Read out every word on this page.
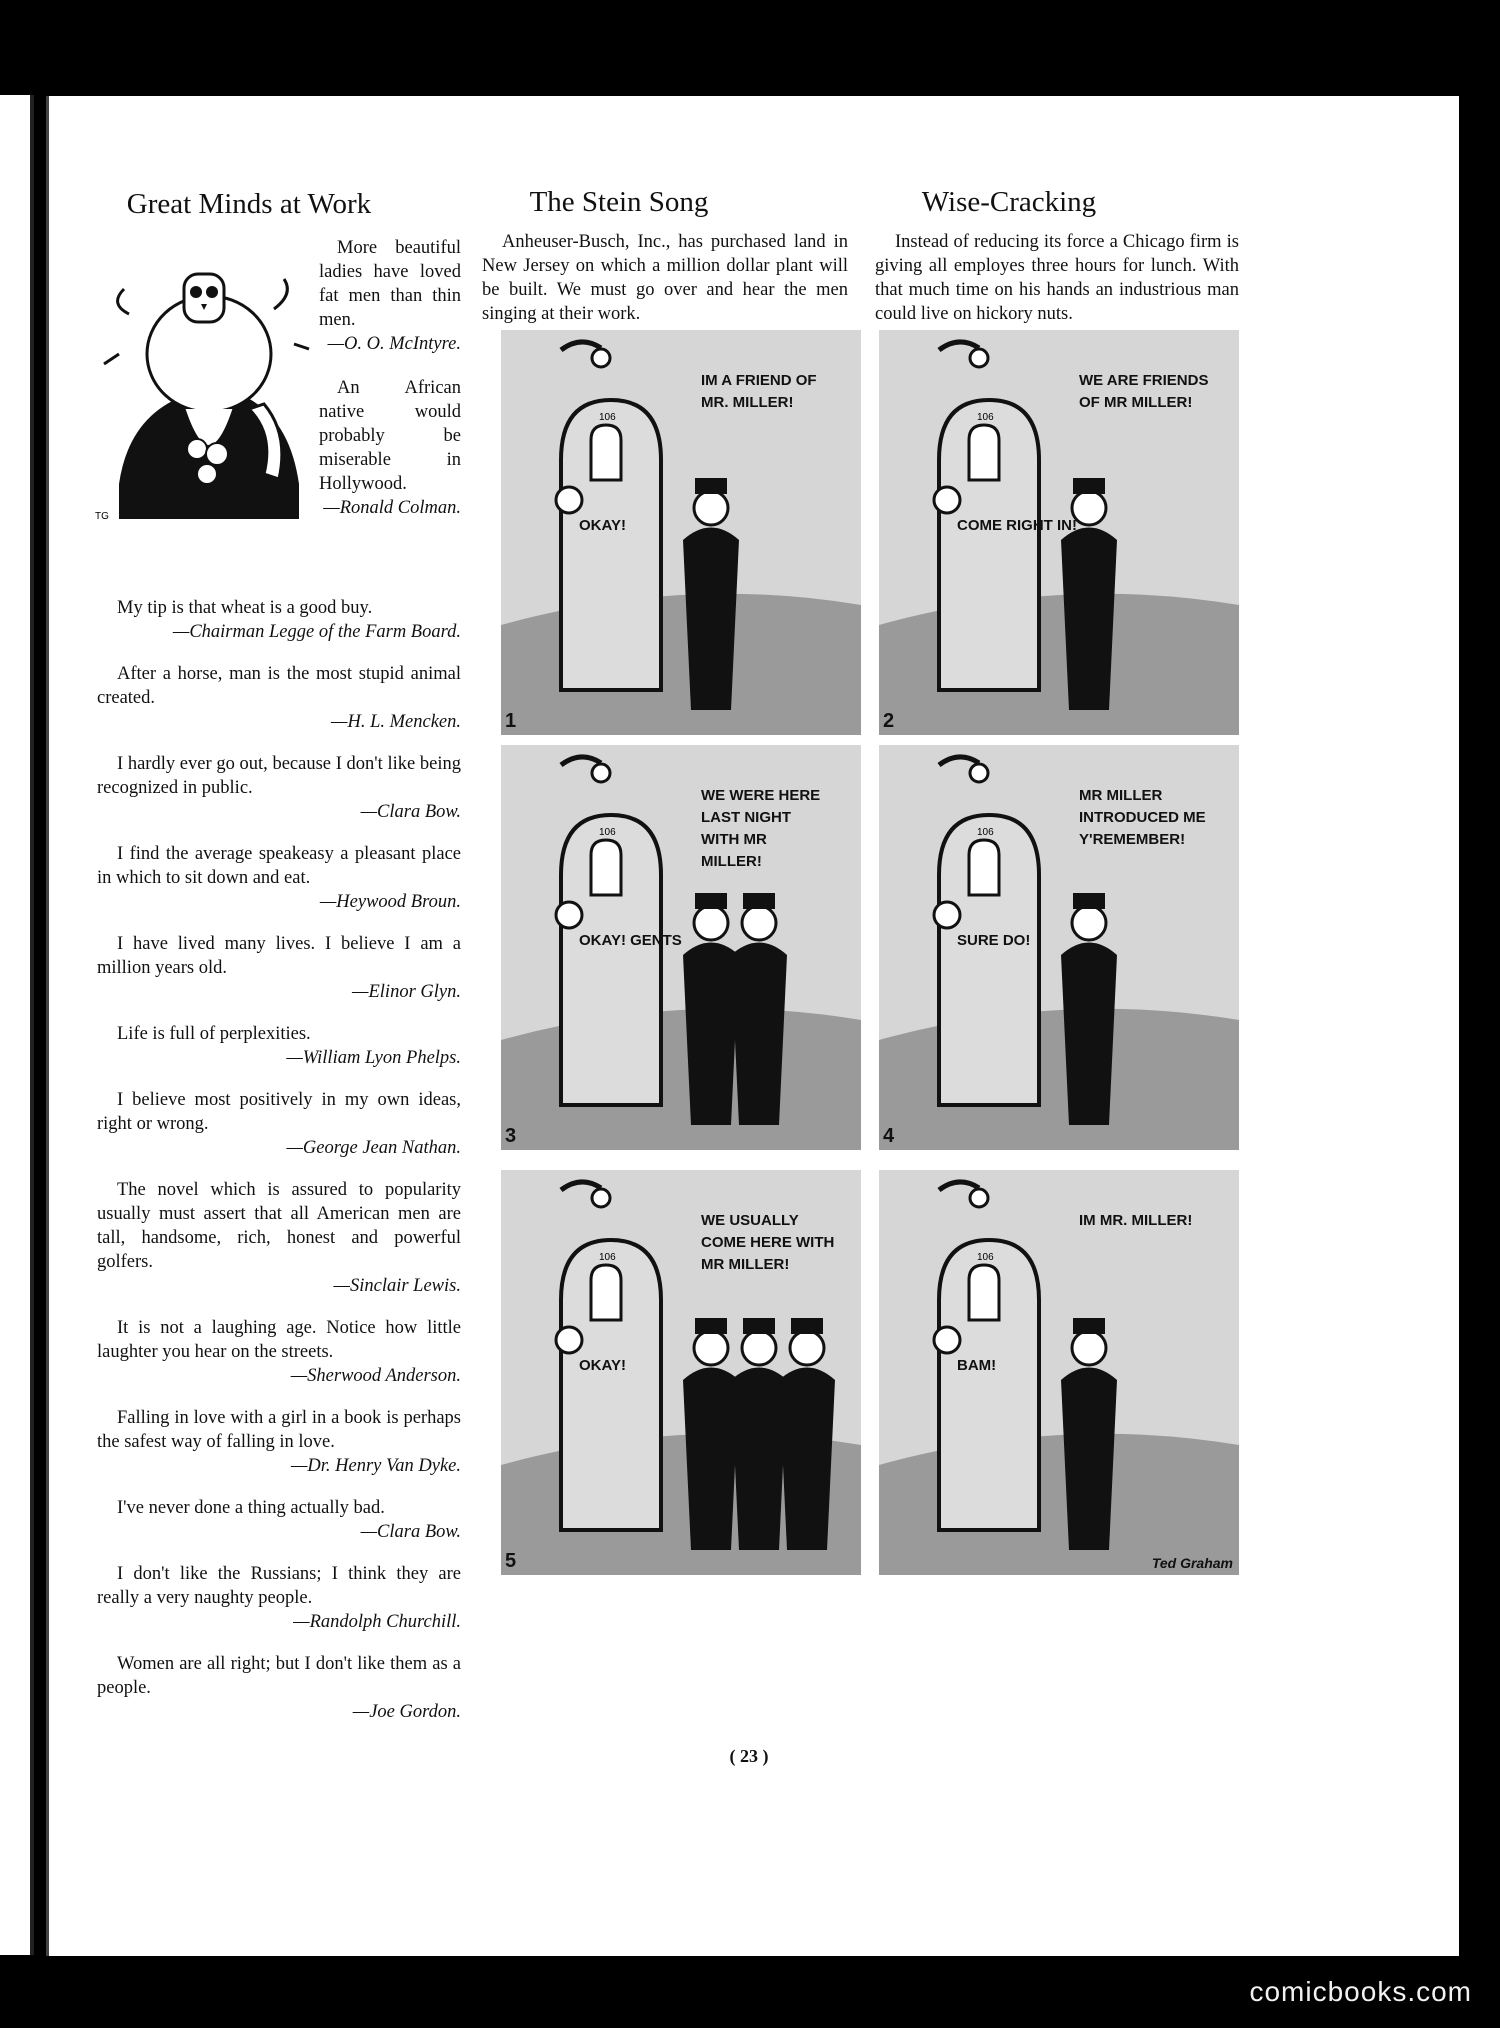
Great Minds at Work	The Stein Song	Wise-Cracking
TG
More beautiful ladies have loved fat men than thin men.
—O. O. McIntyre.
An African native would probably be miserable in Hollywood.
—Ronald Colman.
My tip is that wheat is a good buy.
—Chairman Legge of the Farm Board.
After a horse, man is the most stupid animal created.
—H. L. Mencken.
I hardly ever go out, because I don't like being recognized in public.
—Clara Bow.
I find the average speakeasy a pleasant place in which to sit down and eat.
—Heywood Broun.
I have lived many lives. I believe I am a million years old.
—Elinor Glyn.
Life is full of perplexities.
—William Lyon Phelps.
I believe most positively in my own ideas, right or wrong.
—George Jean Nathan.
The novel which is assured to popularity usually must assert that all American men are tall, handsome, rich, honest and powerful golfers.
—Sinclair Lewis.
It is not a laughing age. Notice how little laughter you hear on the streets.
—Sherwood Anderson.
Falling in love with a girl in a book is perhaps the safest way of falling in love.
—Dr. Henry Van Dyke.
I've never done a thing actually bad.
—Clara Bow.
I don't like the Russians; I think they are really a very naughty people.
—Randolph Churchill.
Women are all right; but I don't like them as a people.
—Joe Gordon.
Anheuser-Busch, Inc., has purchased land in New Jersey on which a million dollar plant will be built. We must go over and hear the men singing at their work.
Instead of reducing its force a Chicago firm is giving all employes three hours for lunch. With that much time on his hands an industrious man could live on hickory nuts.
106
IM A FRIEND OF
MR. MILLER!
OKAY!
1
106
WE ARE FRIENDS
OF MR MILLER!
COME RIGHT IN!
2
106
WE WERE HERE
LAST NIGHT
WITH MR
MILLER!
OKAY! GENTS
3
106
MR MILLER
INTRODUCED ME
Y'REMEMBER!
SURE DO!
4
106
WE USUALLY
COME HERE WITH
MR MILLER!
OKAY!
5
106
IM MR. MILLER!
BAM!
Ted Graham
( 23 )
comicbooks.com
